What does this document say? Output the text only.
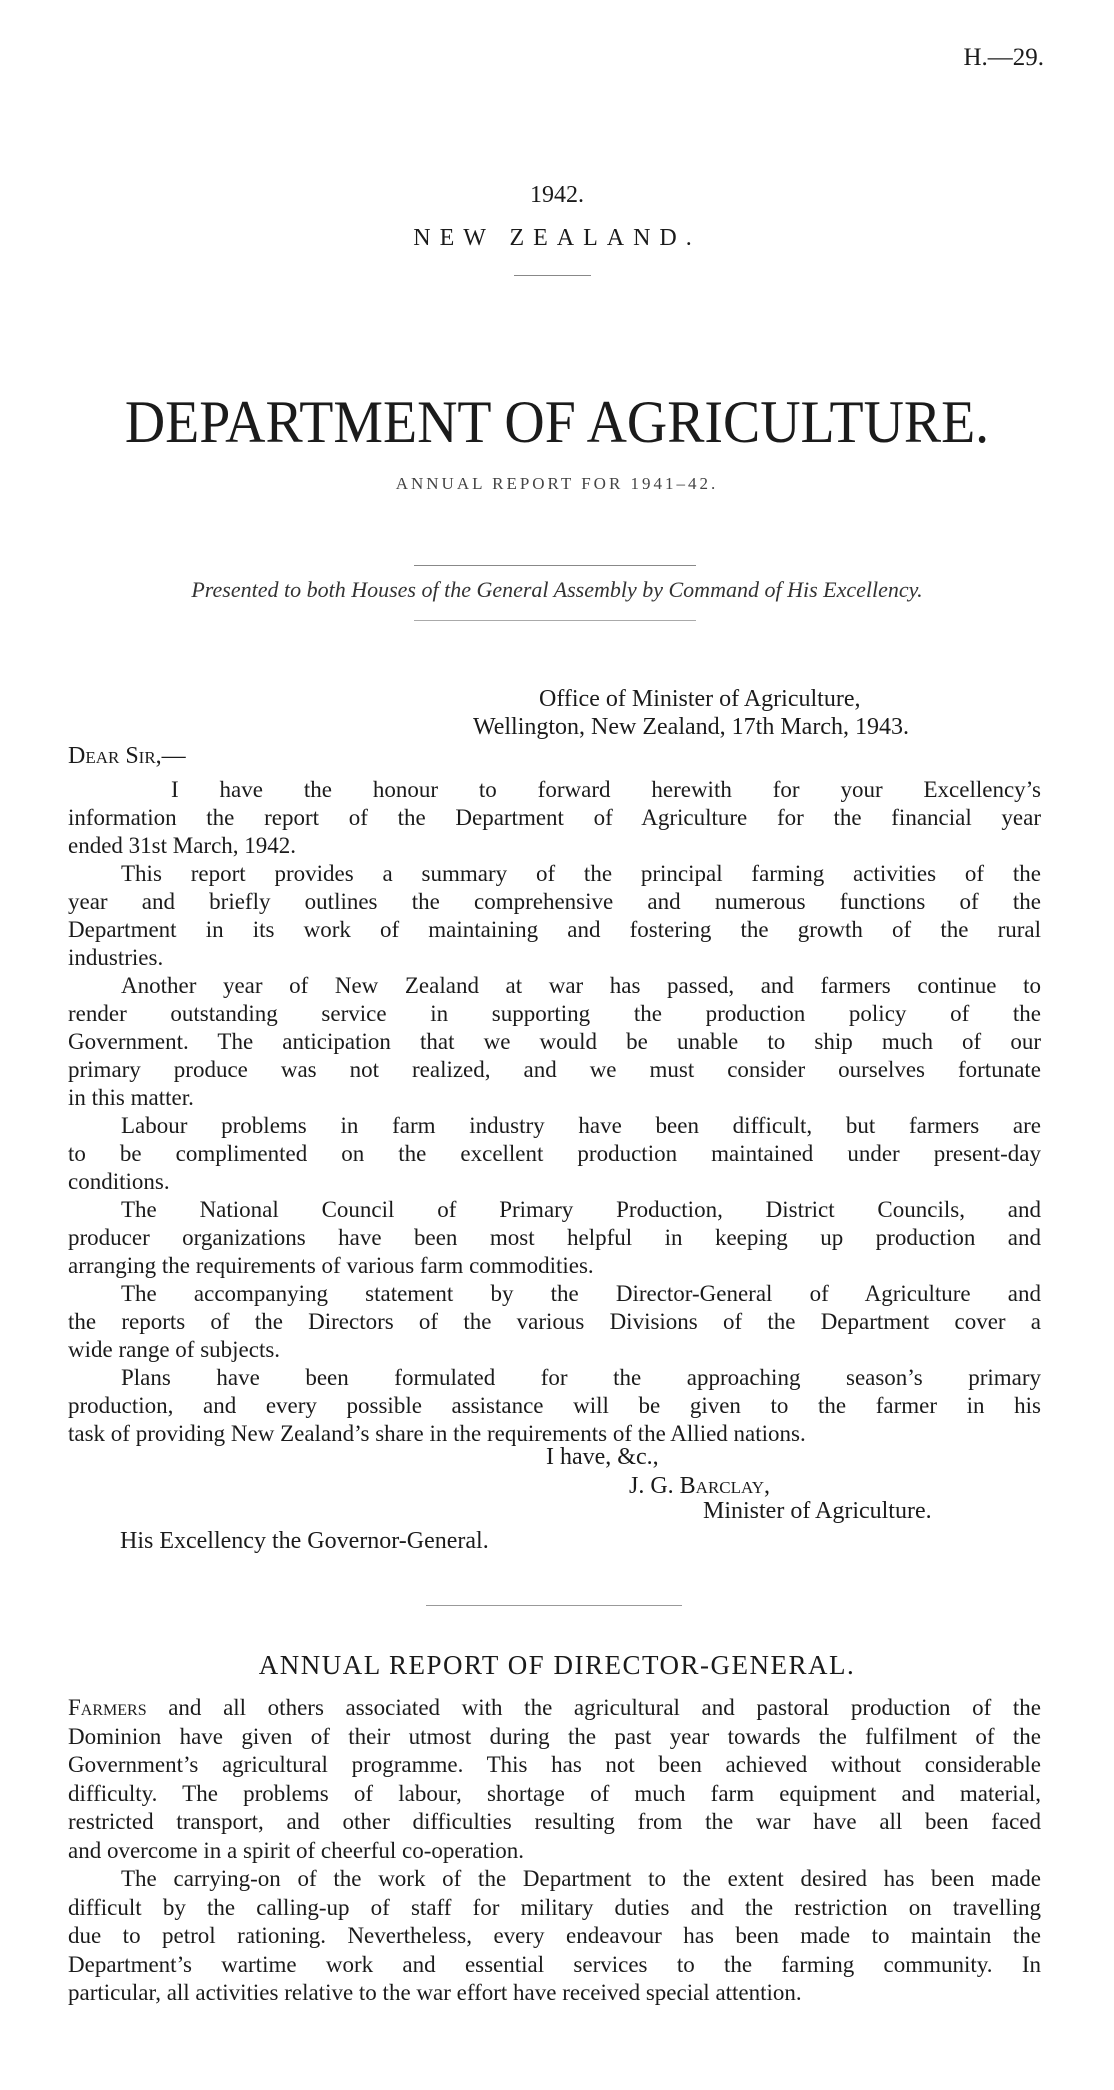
H.—29.
1942.
NEW ZEALAND.
DEPARTMENT OF AGRICULTURE.
ANNUAL REPORT FOR 1941–42.
Presented to both Houses of the General Assembly by Command of His Excellency.
Office of Minister of Agriculture,
Wellington, New Zealand, 17th March, 1943.
Dear Sir,—
I have the honour to forward herewith for your Excellency’s
information the report of the Department of Agriculture for the financial year
ended 31st March, 1942.
This report provides a summary of the principal farming activities of the
year and briefly outlines the comprehensive and numerous functions of the
Department in its work of maintaining and fostering the growth of the rural
industries.
Another year of New Zealand at war has passed, and farmers continue to
render outstanding service in supporting the production policy of the
Government. The anticipation that we would be unable to ship much of our
primary produce was not realized, and we must consider ourselves fortunate
in this matter.
Labour problems in farm industry have been difficult, but farmers are
to be complimented on the excellent production maintained under present-day
conditions.
The National Council of Primary Production, District Councils, and
producer organizations have been most helpful in keeping up production and
arranging the requirements of various farm commodities.
The accompanying statement by the Director-General of Agriculture and
the reports of the Directors of the various Divisions of the Department cover a
wide range of subjects.
Plans have been formulated for the approaching season’s primary
production, and every possible assistance will be given to the farmer in his
task of providing New Zealand’s share in the requirements of the Allied nations.
I have, &c.,
J. G. Barclay,
Minister of Agriculture.
His Excellency the Governor-General.
ANNUAL REPORT OF DIRECTOR-GENERAL.
Farmers and all others associated with the agricultural and pastoral production of the
Dominion have given of their utmost during the past year towards the fulfilment of the
Government’s agricultural programme. This has not been achieved without considerable
difficulty. The problems of labour, shortage of much farm equipment and material,
restricted transport, and other difficulties resulting from the war have all been faced
and overcome in a spirit of cheerful co-operation.
The carrying-on of the work of the Department to the extent desired has been made
difficult by the calling-up of staff for military duties and the restriction on travelling
due to petrol rationing. Nevertheless, every endeavour has been made to maintain the
Department’s wartime work and essential services to the farming community. In
particular, all activities relative to the war effort have received special attention.
